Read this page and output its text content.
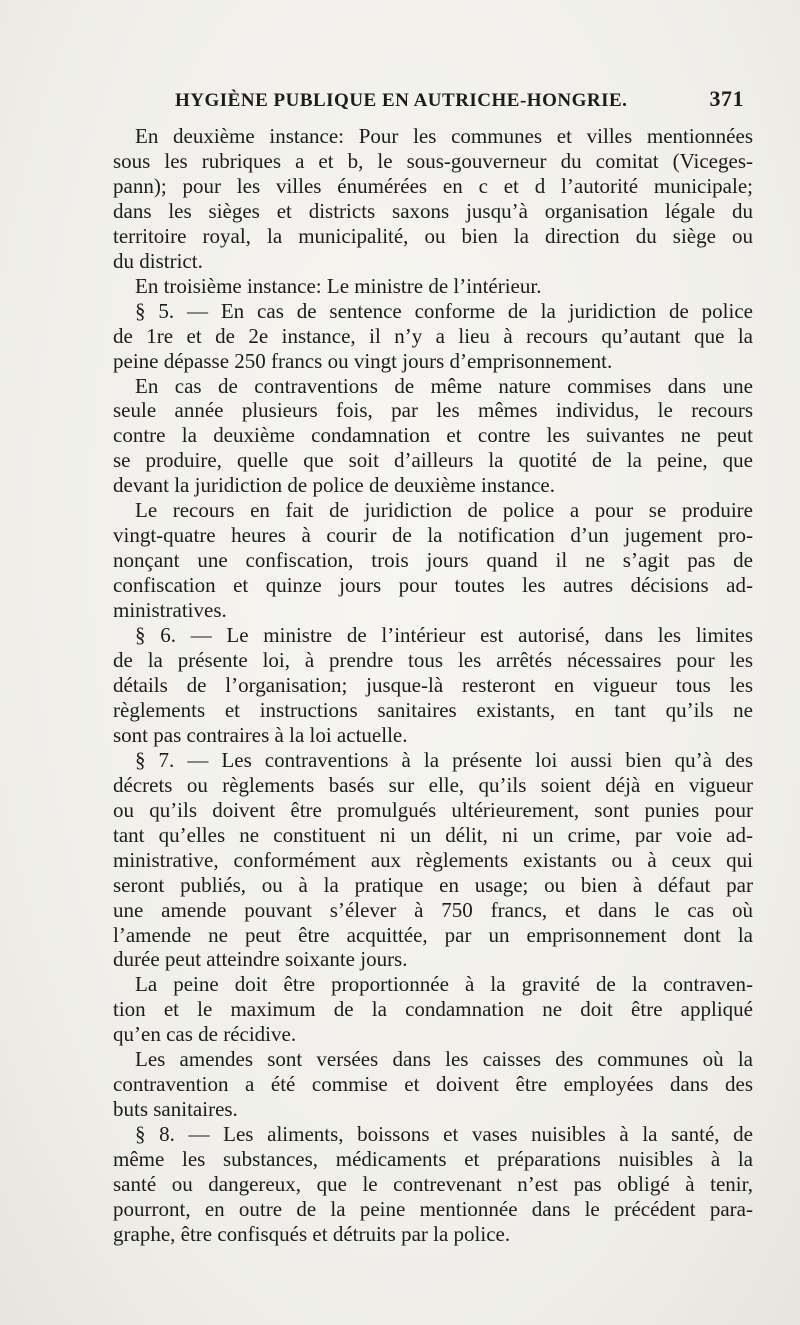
HYGIÈNE PUBLIQUE EN AUTRICHE-HONGRIE.	371
En deuxième instance: Pour les communes et villes mentionnées
sous les rubriques a et b, le sous-gouverneur du comitat (Viceges-
pann); pour les villes énumérées en c et d l’autorité municipale;
dans les sièges et districts saxons jusqu’à organisation légale du
territoire royal, la municipalité, ou bien la direction du siège ou
du district.
En troisième instance: Le ministre de l’intérieur.
§ 5. — En cas de sentence conforme de la juridiction de police
de 1re et de 2e instance, il n’y a lieu à recours qu’autant que la
peine dépasse 250 francs ou vingt jours d’emprisonnement.
En cas de contraventions de même nature commises dans une
seule année plusieurs fois, par les mêmes individus, le recours
contre la deuxième condamnation et contre les suivantes ne peut
se produire, quelle que soit d’ailleurs la quotité de la peine, que
devant la juridiction de police de deuxième instance.
Le recours en fait de juridiction de police a pour se produire
vingt-quatre heures à courir de la notification d’un jugement pro-
nonçant une confiscation, trois jours quand il ne s’agit pas de
confiscation et quinze jours pour toutes les autres décisions ad-
ministratives.
§ 6. — Le ministre de l’intérieur est autorisé, dans les limites
de la présente loi, à prendre tous les arrêtés nécessaires pour les
détails de l’organisation; jusque-là resteront en vigueur tous les
règlements et instructions sanitaires existants, en tant qu’ils ne
sont pas contraires à la loi actuelle.
§ 7. — Les contraventions à la présente loi aussi bien qu’à des
décrets ou règlements basés sur elle, qu’ils soient déjà en vigueur
ou qu’ils doivent être promulgués ultérieurement, sont punies pour
tant qu’elles ne constituent ni un délit, ni un crime, par voie ad-
ministrative, conformément aux règlements existants ou à ceux qui
seront publiés, ou à la pratique en usage; ou bien à défaut par
une amende pouvant s’élever à 750 francs, et dans le cas où
l’amende ne peut être acquittée, par un emprisonnement dont la
durée peut atteindre soixante jours.
La peine doit être proportionnée à la gravité de la contraven-
tion et le maximum de la condamnation ne doit être appliqué
qu’en cas de récidive.
Les amendes sont versées dans les caisses des communes où la
contravention a été commise et doivent être employées dans des
buts sanitaires.
§ 8. — Les aliments, boissons et vases nuisibles à la santé, de
même les substances, médicaments et préparations nuisibles à la
santé ou dangereux, que le contrevenant n’est pas obligé à tenir,
pourront, en outre de la peine mentionnée dans le précédent para-
graphe, être confisqués et détruits par la police.
